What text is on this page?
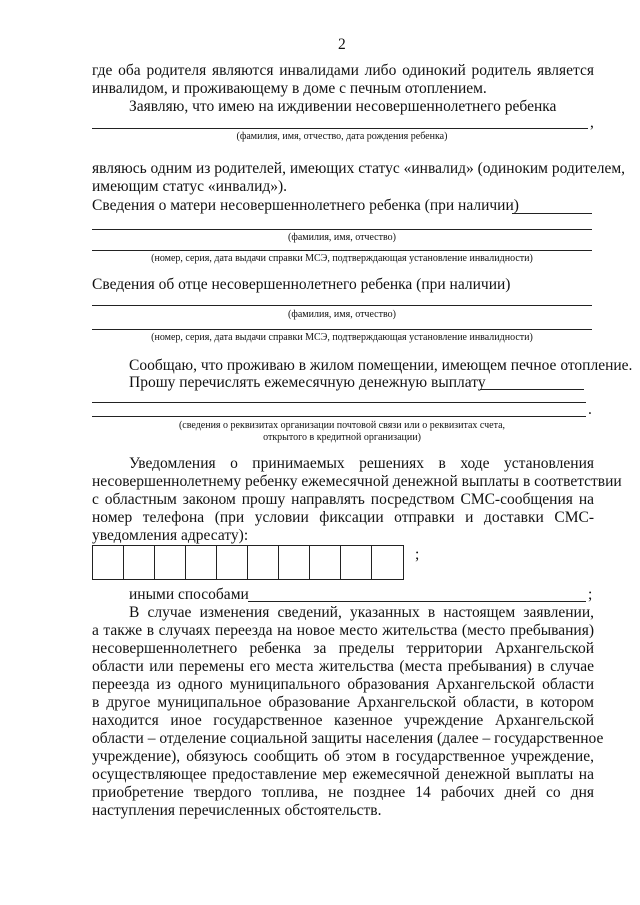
2
где оба родителя являются инвалидами либо одинокий родитель является
инвалидом, и проживающему в доме с печным отоплением.
Заявляю, что имею на иждивении несовершеннолетнего ребенка
,
(фамилия, имя, отчество, дата рождения ребенка)
являюсь одним из родителей, имеющих статус «инвалид» (одиноким родителем,
имеющим статус «инвалид»).
Сведения о матери несовершеннолетнего ребенка (при наличии)
(фамилия, имя, отчество)
(номер, серия, дата выдачи справки МСЭ, подтверждающая установление инвалидности)
Сведения об отце несовершеннолетнего ребенка (при наличии)
(фамилия, имя, отчество)
(номер, серия, дата выдачи справки МСЭ, подтверждающая установление инвалидности)
Сообщаю, что проживаю в жилом помещении, имеющем печное отопление.
Прошу перечислять ежемесячную денежную выплату
.
(сведения о реквизитах организации почтовой связи или о реквизитах счета,
открытого в кредитной организации)
Уведомления о принимаемых решениях в ходе установления
несовершеннолетнему ребенку ежемесячной денежной выплаты в соответствии
с областным законом прошу направлять посредством СМС-сообщения на
номер телефона (при условии фиксации отправки и доставки СМС-
уведомления адресату):
;
иными способами	;
В случае изменения сведений, указанных в настоящем заявлении,
а также в случаях переезда на новое место жительства (место пребывания)
несовершеннолетнего ребенка за пределы территории Архангельской
области или перемены его места жительства (места пребывания) в случае
переезда из одного муниципального образования Архангельской области
в другое муниципальное образование Архангельской области, в котором
находится иное государственное казенное учреждение Архангельской
области – отделение социальной защиты населения (далее – государственное
учреждение), обязуюсь сообщить об этом в государственное учреждение,
осуществляющее предоставление мер ежемесячной денежной выплаты на
приобретение твердого топлива, не позднее 14 рабочих дней со дня
наступления перечисленных обстоятельств.
